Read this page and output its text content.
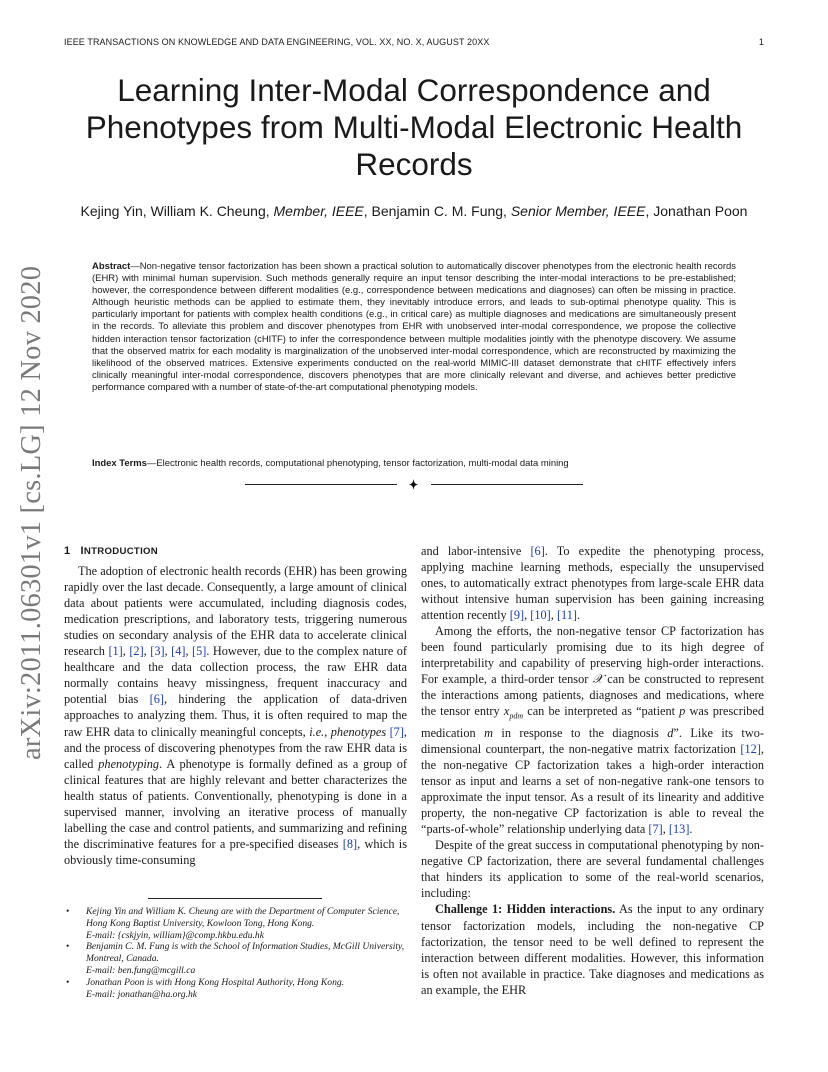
IEEE TRANSACTIONS ON KNOWLEDGE AND DATA ENGINEERING, VOL. XX, NO. X, AUGUST 20XX	1
Learning Inter-Modal Correspondence and Phenotypes from Multi-Modal Electronic Health Records
Kejing Yin, William K. Cheung, Member, IEEE, Benjamin C. M. Fung, Senior Member, IEEE, Jonathan Poon
Abstract—Non-negative tensor factorization has been shown a practical solution to automatically discover phenotypes from the electronic health records (EHR) with minimal human supervision. Such methods generally require an input tensor describing the inter-modal interactions to be pre-established; however, the correspondence between different modalities (e.g., correspondence between medications and diagnoses) can often be missing in practice. Although heuristic methods can be applied to estimate them, they inevitably introduce errors, and leads to sub-optimal phenotype quality. This is particularly important for patients with complex health conditions (e.g., in critical care) as multiple diagnoses and medications are simultaneously present in the records. To alleviate this problem and discover phenotypes from EHR with unobserved inter-modal correspondence, we propose the collective hidden interaction tensor factorization (cHITF) to infer the correspondence between multiple modalities jointly with the phenotype discovery. We assume that the observed matrix for each modality is marginalization of the unobserved inter-modal correspondence, which are reconstructed by maximizing the likelihood of the observed matrices. Extensive experiments conducted on the real-world MIMIC-III dataset demonstrate that cHITF effectively infers clinically meaningful inter-modal correspondence, discovers phenotypes that are more clinically relevant and diverse, and achieves better predictive performance compared with a number of state-of-the-art computational phenotyping models.
Index Terms—Electronic health records, computational phenotyping, tensor factorization, multi-modal data mining
arXiv:2011.06301v1 [cs.LG] 12 Nov 2020 1 INTRODUCTION

The adoption of electronic health records (EHR) has been growing rapidly over the last decade. Consequently, a large amount of clinical data about patients were accumulated, including diagnosis codes, medication prescriptions, and laboratory tests, triggering numerous studies on secondary analysis of the EHR data to accelerate clinical research [1], [2], [3], [4], [5]. However, due to the complex nature of healthcare and the data collection process, the raw EHR data normally contains heavy missingness, frequent inaccuracy and potential bias [6], hindering the application of data-driven approaches to analyzing them. Thus, it is often required to map the raw EHR data to clinically meaningful concepts, i.e., phenotypes [7], and the process of discovering phenotypes from the raw EHR data is called phenotyping. A phenotype is formally defined as a group of clinical features that are highly relevant and better characterizes the health status of patients. Conventionally, phenotyping is done in a supervised manner, involving an iterative process of manually labelling the case and control patients, and summarizing and refining the discriminative features for a pre-specified diseases [8], which is obviously time-consuming

and labor-intensive [6]. To expedite the phenotyping process, applying machine learning methods, especially the unsupervised ones, to automatically extract phenotypes from large-scale EHR data without intensive human supervision has been gaining increasing attention recently [9], [10], [11].

Among the efforts, the non-negative tensor CP factorization has been found particularly promising due to its high degree of interpretability and capability of preserving high-order interactions. For example, a third-order tensor 𝒳 can be constructed to represent the interactions among patients, diagnoses and medications, where the tensor entry $x_{pdm}$ can be interpreted as “patient p was prescribed medication m in response to the diagnosis d”. Like its two-dimensional counterpart, the non-negative matrix factorization [12], the non-negative CP factorization takes a high-order interaction tensor as input and learns a set of non-negative rank-one tensors to approximate the input tensor. As a result of its linearity and additive property, the non-negative CP factorization is able to reveal the “parts-of-whole” relationship underlying data [7], [13].

Despite of the great success in computational phenotyping by non-negative CP factorization, there are several fundamental challenges that hinders its application to some of the real-world scenarios, including:

Challenge 1: Hidden interactions. As the input to any ordinary tensor factorization models, including the non-negative CP factorization, the tensor need to be well defined to represent the interaction between different modalities. However, this information is often not available in practice. Take diagnoses and medications as an example, the EHR

• Kejing Yin and William K. Cheung are with the Department of Computer Science, Hong Kong Baptist University, Kowloon Tong, Hong Kong.
E-mail: {cskjyin, william}@comp.hkbu.edu.hk
• Benjamin C. M. Fung is with the School of Information Studies, McGill University, Montreal, Canada.
E-mail: ben.fung@mcgill.ca
• Jonathan Poon is with Hong Kong Hospital Authority, Hong Kong.
E-mail: jonathan@ha.org.hk
